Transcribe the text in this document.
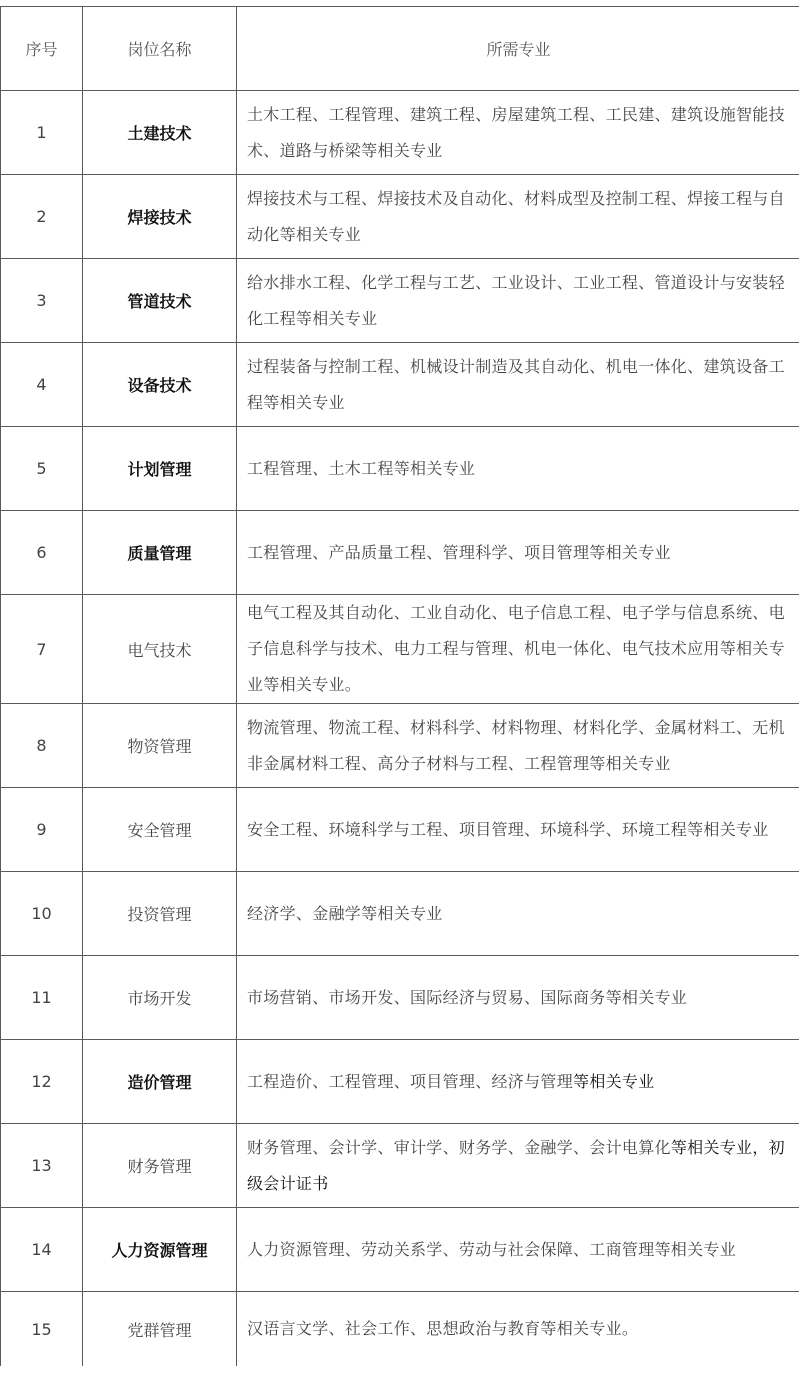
序号	岗位名称	所需专业
1	土建技术	土木工程、工程管理、建筑工程、房屋建筑工程、工民建、建筑设施智能技术、道路与桥梁等相关专业
2	焊接技术	焊接技术与工程、焊接技术及自动化、材料成型及控制工程、焊接工程与自动化等相关专业
3	管道技术	给水排水工程、化学工程与工艺、工业设计、工业工程、管道设计与安装轻化工程等相关专业
4	设备技术	过程装备与控制工程、机械设计制造及其自动化、机电一体化、建筑设备工程等相关专业
5	计划管理	工程管理、土木工程等相关专业
6	质量管理	工程管理、产品质量工程、管理科学、项目管理等相关专业
7	电气技术	电气工程及其自动化、工业自动化、电子信息工程、电子学与信息系统、电子信息科学与技术、电力工程与管理、机电一体化、电气技术应用等相关专业等相关专业。
8	物资管理	物流管理、物流工程、材料科学、材料物理、材料化学、金属材料工、无机非金属材料工程、高分子材料与工程、工程管理等相关专业
9	安全管理	安全工程、环境科学与工程、项目管理、环境科学、环境工程等相关专业
10	投资管理	经济学、金融学等相关专业
11	市场开发	市场营销、市场开发、国际经济与贸易、国际商务等相关专业
12	造价管理	工程造价、工程管理、项目管理、经济与管理等相关专业
13	财务管理	财务管理、会计学、审计学、财务学、金融学、会计电算化等相关专业，初级会计证书
14	人力资源管理	人力资源管理、劳动关系学、劳动与社会保障、工商管理等相关专业
15	党群管理	汉语言文学、社会工作、思想政治与教育等相关专业。
